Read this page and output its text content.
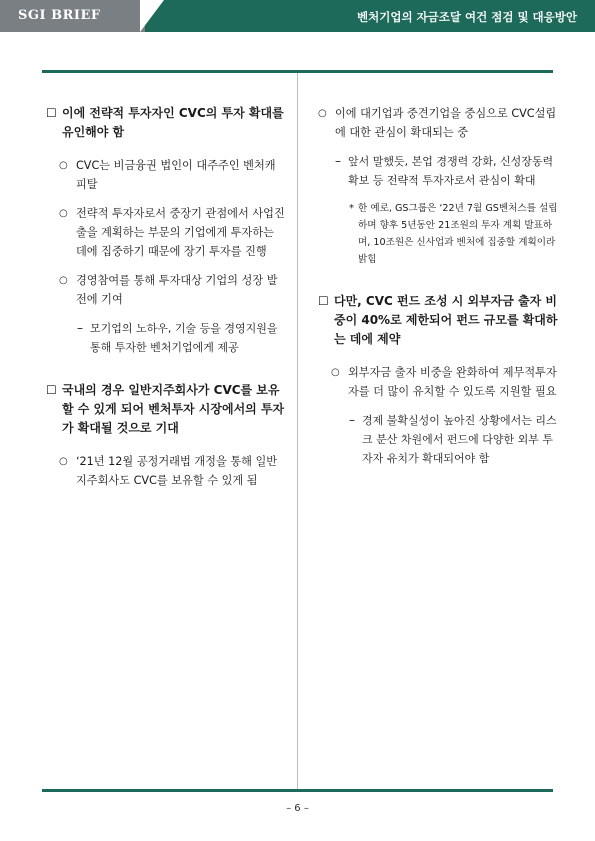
SGI BRIEF	벤처기업의 자금조달 여건 점검 및 대응방안
☐ 이에 전략적 투자자인 CVC의 투자 확대를 유인해야 함
○ CVC는 비금융권 법인이 대주주인 벤처캐피탈
○ 전략적 투자자로서 중장기 관점에서 사업진출을 계획하는 부문의 기업에게 투자하는 데에 집중하기 때문에 장기 투자를 진행
○ 경영참여를 통해 투자대상 기업의 성장 발전에 기여
– 모기업의 노하우, 기술 등을 경영지원을 통해 투자한 벤처기업에게 제공
☐ 국내의 경우 일반지주회사가 CVC를 보유할 수 있게 되어 벤처투자 시장에서의 투자가 확대될 것으로 기대
○ ‘21년 12월 공정거래법 개정을 통해 일반지주회사도 CVC를 보유할 수 있게 됨
○ 이에 대기업과 중견기업을 중심으로 CVC설립에 대한 관심이 확대되는 중
– 앞서 말했듯, 본업 경쟁력 강화, 신성장동력 확보 등 전략적 투자자로서 관심이 확대
* 한 예로, GS그룹은 ‘22년 7월 GS벤처스를 설립하며 향후 5년동안 21조원의 투자 계획 발표하며, 10조원은 신사업과 벤처에 집중할 계획이라 밝힘
☐ 다만, CVC 펀드 조성 시 외부자금 출자 비중이 40%로 제한되어 펀드 규모를 확대하는 데에 제약
○ 외부자금 출자 비중을 완화하여 제무적투자자를 더 많이 유치할 수 있도록 지원할 필요
– 경제 불확실성이 높아진 상황에서는 리스크 분산 차원에서 펀드에 다양한 외부 투자자 유치가 확대되어야 함
– 6 –
